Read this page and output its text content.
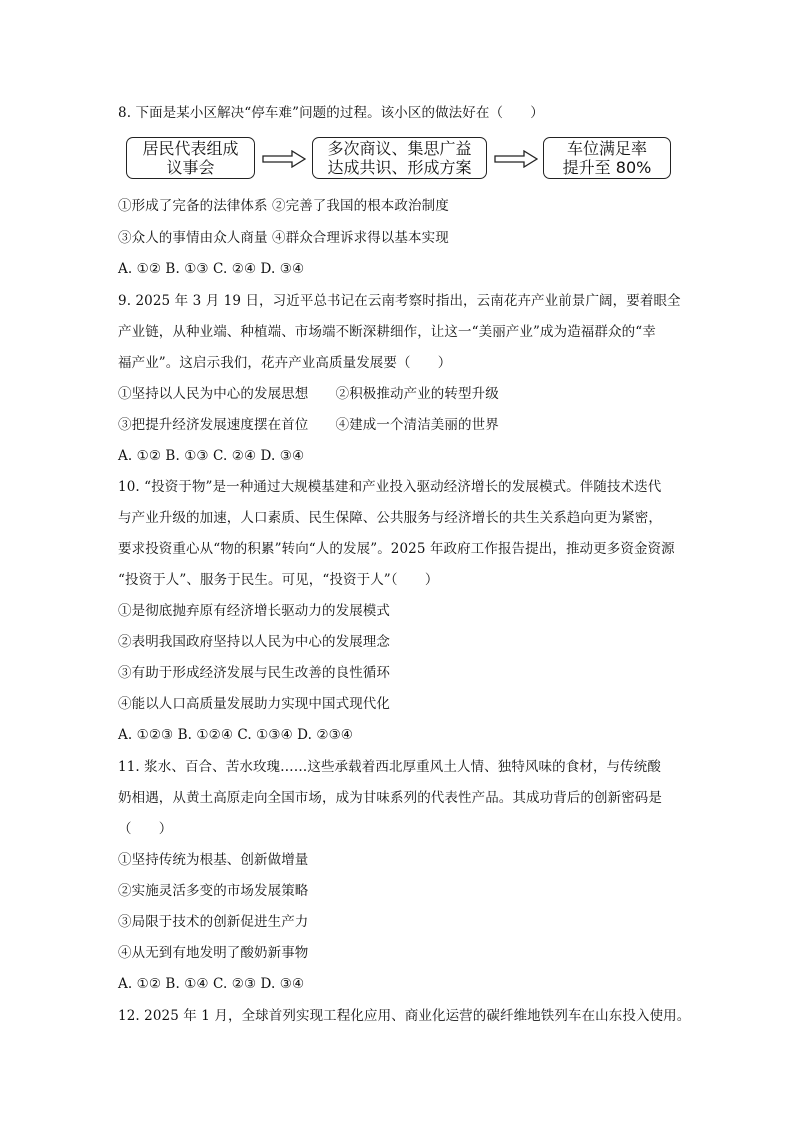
8. 下面是某小区解决“停车难”问题的过程。该小区的做法好在（　　）
居民代表组成
议事会
多次商议、集思广益
达成共识、形成方案
车位满足率
提升至 80%
①形成了完备的法律体系 ②完善了我国的根本政治制度
③众人的事情由众人商量 ④群众合理诉求得以基本实现
A. ①② B. ①③ C. ②④ D. ③④
9. 2025 年 3 月 19 日，习近平总书记在云南考察时指出，云南花卉产业前景广阔，要着眼全
产业链，从种业端、种植端、市场端不断深耕细作，让这一“美丽产业”成为造福群众的“幸
福产业”。这启示我们，花卉产业高质量发展要（　　）
①坚持以人民为中心的发展思想　　②积极推动产业的转型升级
③把提升经济发展速度摆在首位　　④建成一个清洁美丽的世界
A. ①② B. ①③ C. ②④ D. ③④
10. “投资于物”是一种通过大规模基建和产业投入驱动经济增长的发展模式。伴随技术迭代
与产业升级的加速，人口素质、民生保障、公共服务与经济增长的共生关系趋向更为紧密，
要求投资重心从“物的积累”转向“人的发展”。2025 年政府工作报告提出，推动更多资金资源
“投资于人”、服务于民生。可见，“投资于人”（　　）
①是彻底抛弃原有经济增长驱动力的发展模式
②表明我国政府坚持以人民为中心的发展理念
③有助于形成经济发展与民生改善的良性循环
④能以人口高质量发展助力实现中国式现代化
A. ①②③ B. ①②④ C. ①③④ D. ②③④
11. 浆水、百合、苦水玫瑰……这些承载着西北厚重风土人情、独特风味的食材，与传统酸
奶相遇，从黄土高原走向全国市场，成为甘味系列的代表性产品。其成功背后的创新密码是
（　　）
①坚持传统为根基、创新做增量
②实施灵活多变的市场发展策略
③局限于技术的创新促进生产力
④从无到有地发明了酸奶新事物
A. ①② B. ①④ C. ②③ D. ③④
12. 2025 年 1 月，全球首列实现工程化应用、商业化运营的碳纤维地铁列车在山东投入使用。
